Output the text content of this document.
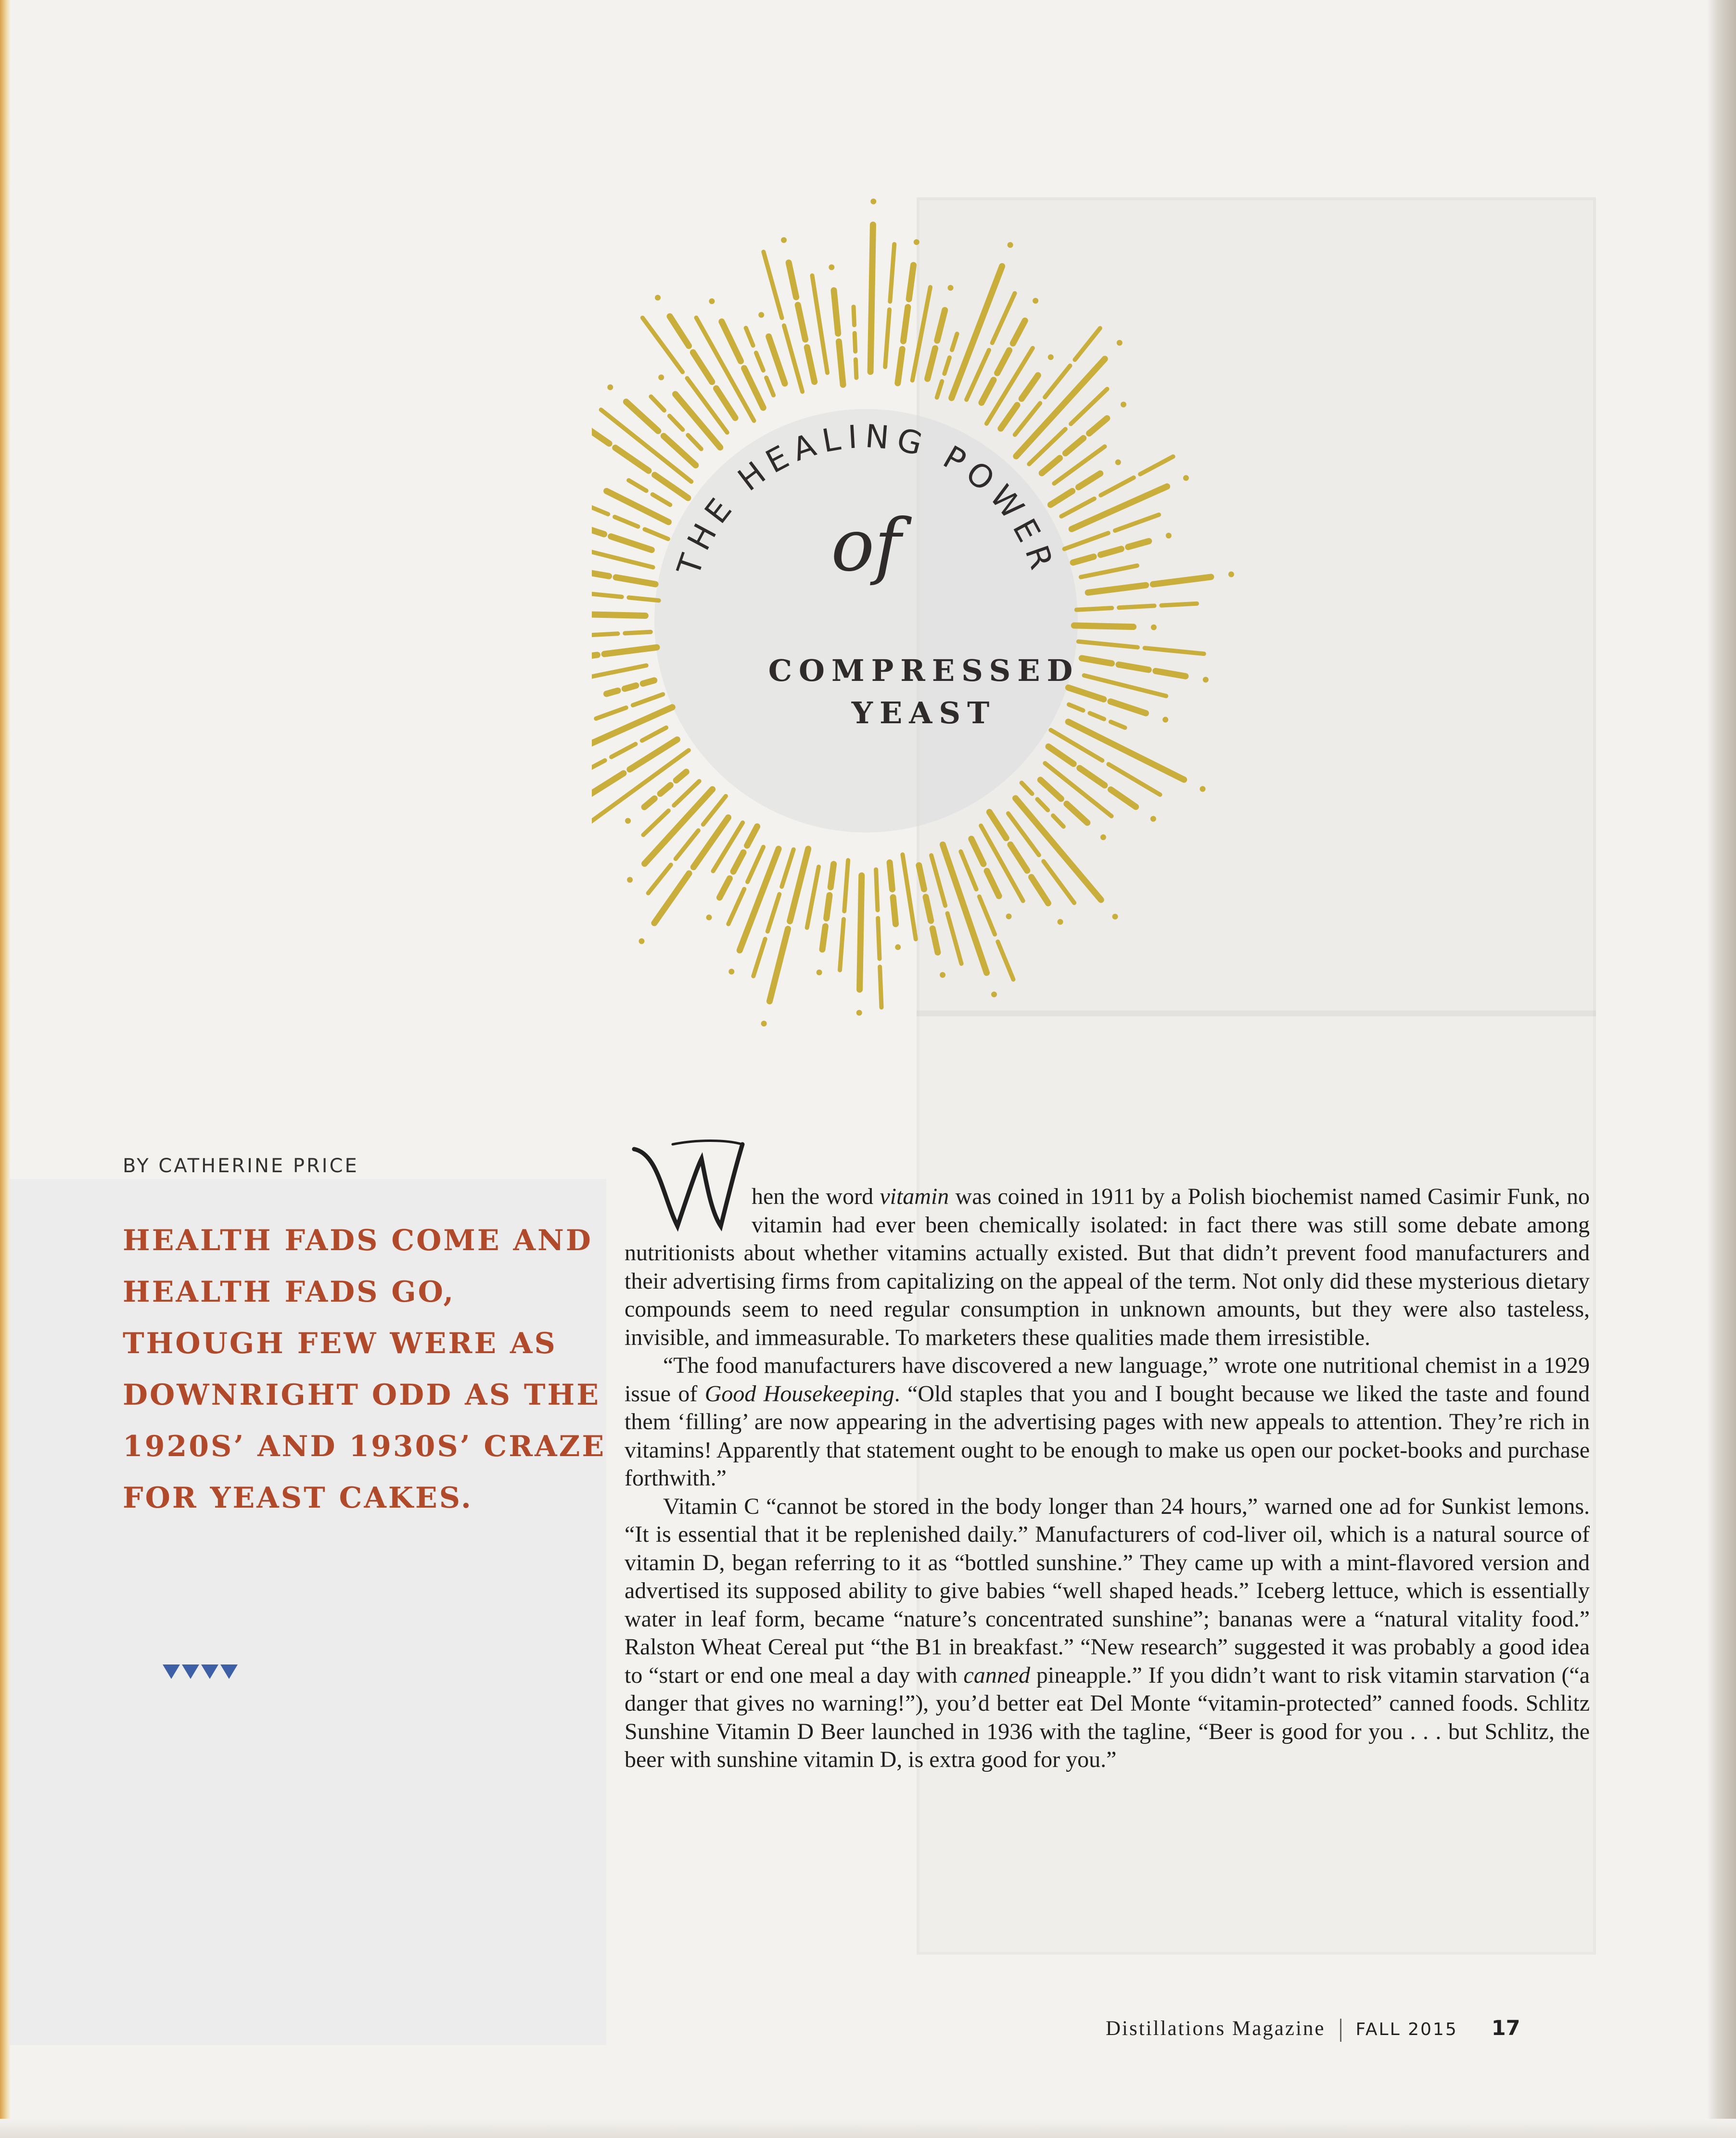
THE HEALING POWER
of
COMPRESSED
YEAST
BY CATHERINE PRICE
HEALTH FADS COME AND HEALTH FADS GO, THOUGH FEW WERE AS DOWNRIGHT ODD AS THE 1920S’ AND 1930S’ CRAZE FOR YEAST CAKES.

W
hen the word vitamin was coined in 1911 by a Polish biochemist named Casimir Funk, no vitamin had ever been chemically isolated: in fact there was still some debate among nutritionists about whether vitamins actually existed. But that didn’t prevent food manufacturers and their advertising firms from capitalizing on the appeal of the term. Not only did these mysterious dietary compounds seem to need regular consumption in unknown amounts, but they were also tasteless, invisible, and immeasurable. To marketers these qualities made them irresistible.

“The food manufacturers have discovered a new language,” wrote one nutritional chemist in a 1929 issue of Good Housekeeping. “Old staples that you and I bought because we liked the taste and found them ‘filling’ are now appearing in the advertising pages with new appeals to attention. They’re rich in vitamins! Apparently that statement ought to be enough to make us open our pocket-books and purchase forthwith.”

Vitamin C “cannot be stored in the body longer than 24 hours,” warned one ad for Sunkist lemons. “It is essential that it be replenished daily.” Manufacturers of cod-liver oil, which is a natural source of vitamin D, began referring to it as “bottled sunshine.” They came up with a mint-flavored version and advertised its supposed ability to give babies “well shaped heads.” Iceberg lettuce, which is essentially water in leaf form, became “nature’s concentrated sunshine”; bananas were a “natural vitality food.” Ralston Wheat Cereal put “the B1 in breakfast.” “New research” suggested it was probably a good idea to “start or end one meal a day with canned pineapple.” If you didn’t want to risk vitamin starvation (“a danger that gives no warning!”), you’d better eat Del Monte “vitamin-protected” canned foods. Schlitz Sunshine Vitamin D Beer launched in 1936 with the tagline, “Beer is good for you . . . but Schlitz, the beer with sunshine vitamin D, is extra good for you.”

Distillations Magazine FALL 2015 17
